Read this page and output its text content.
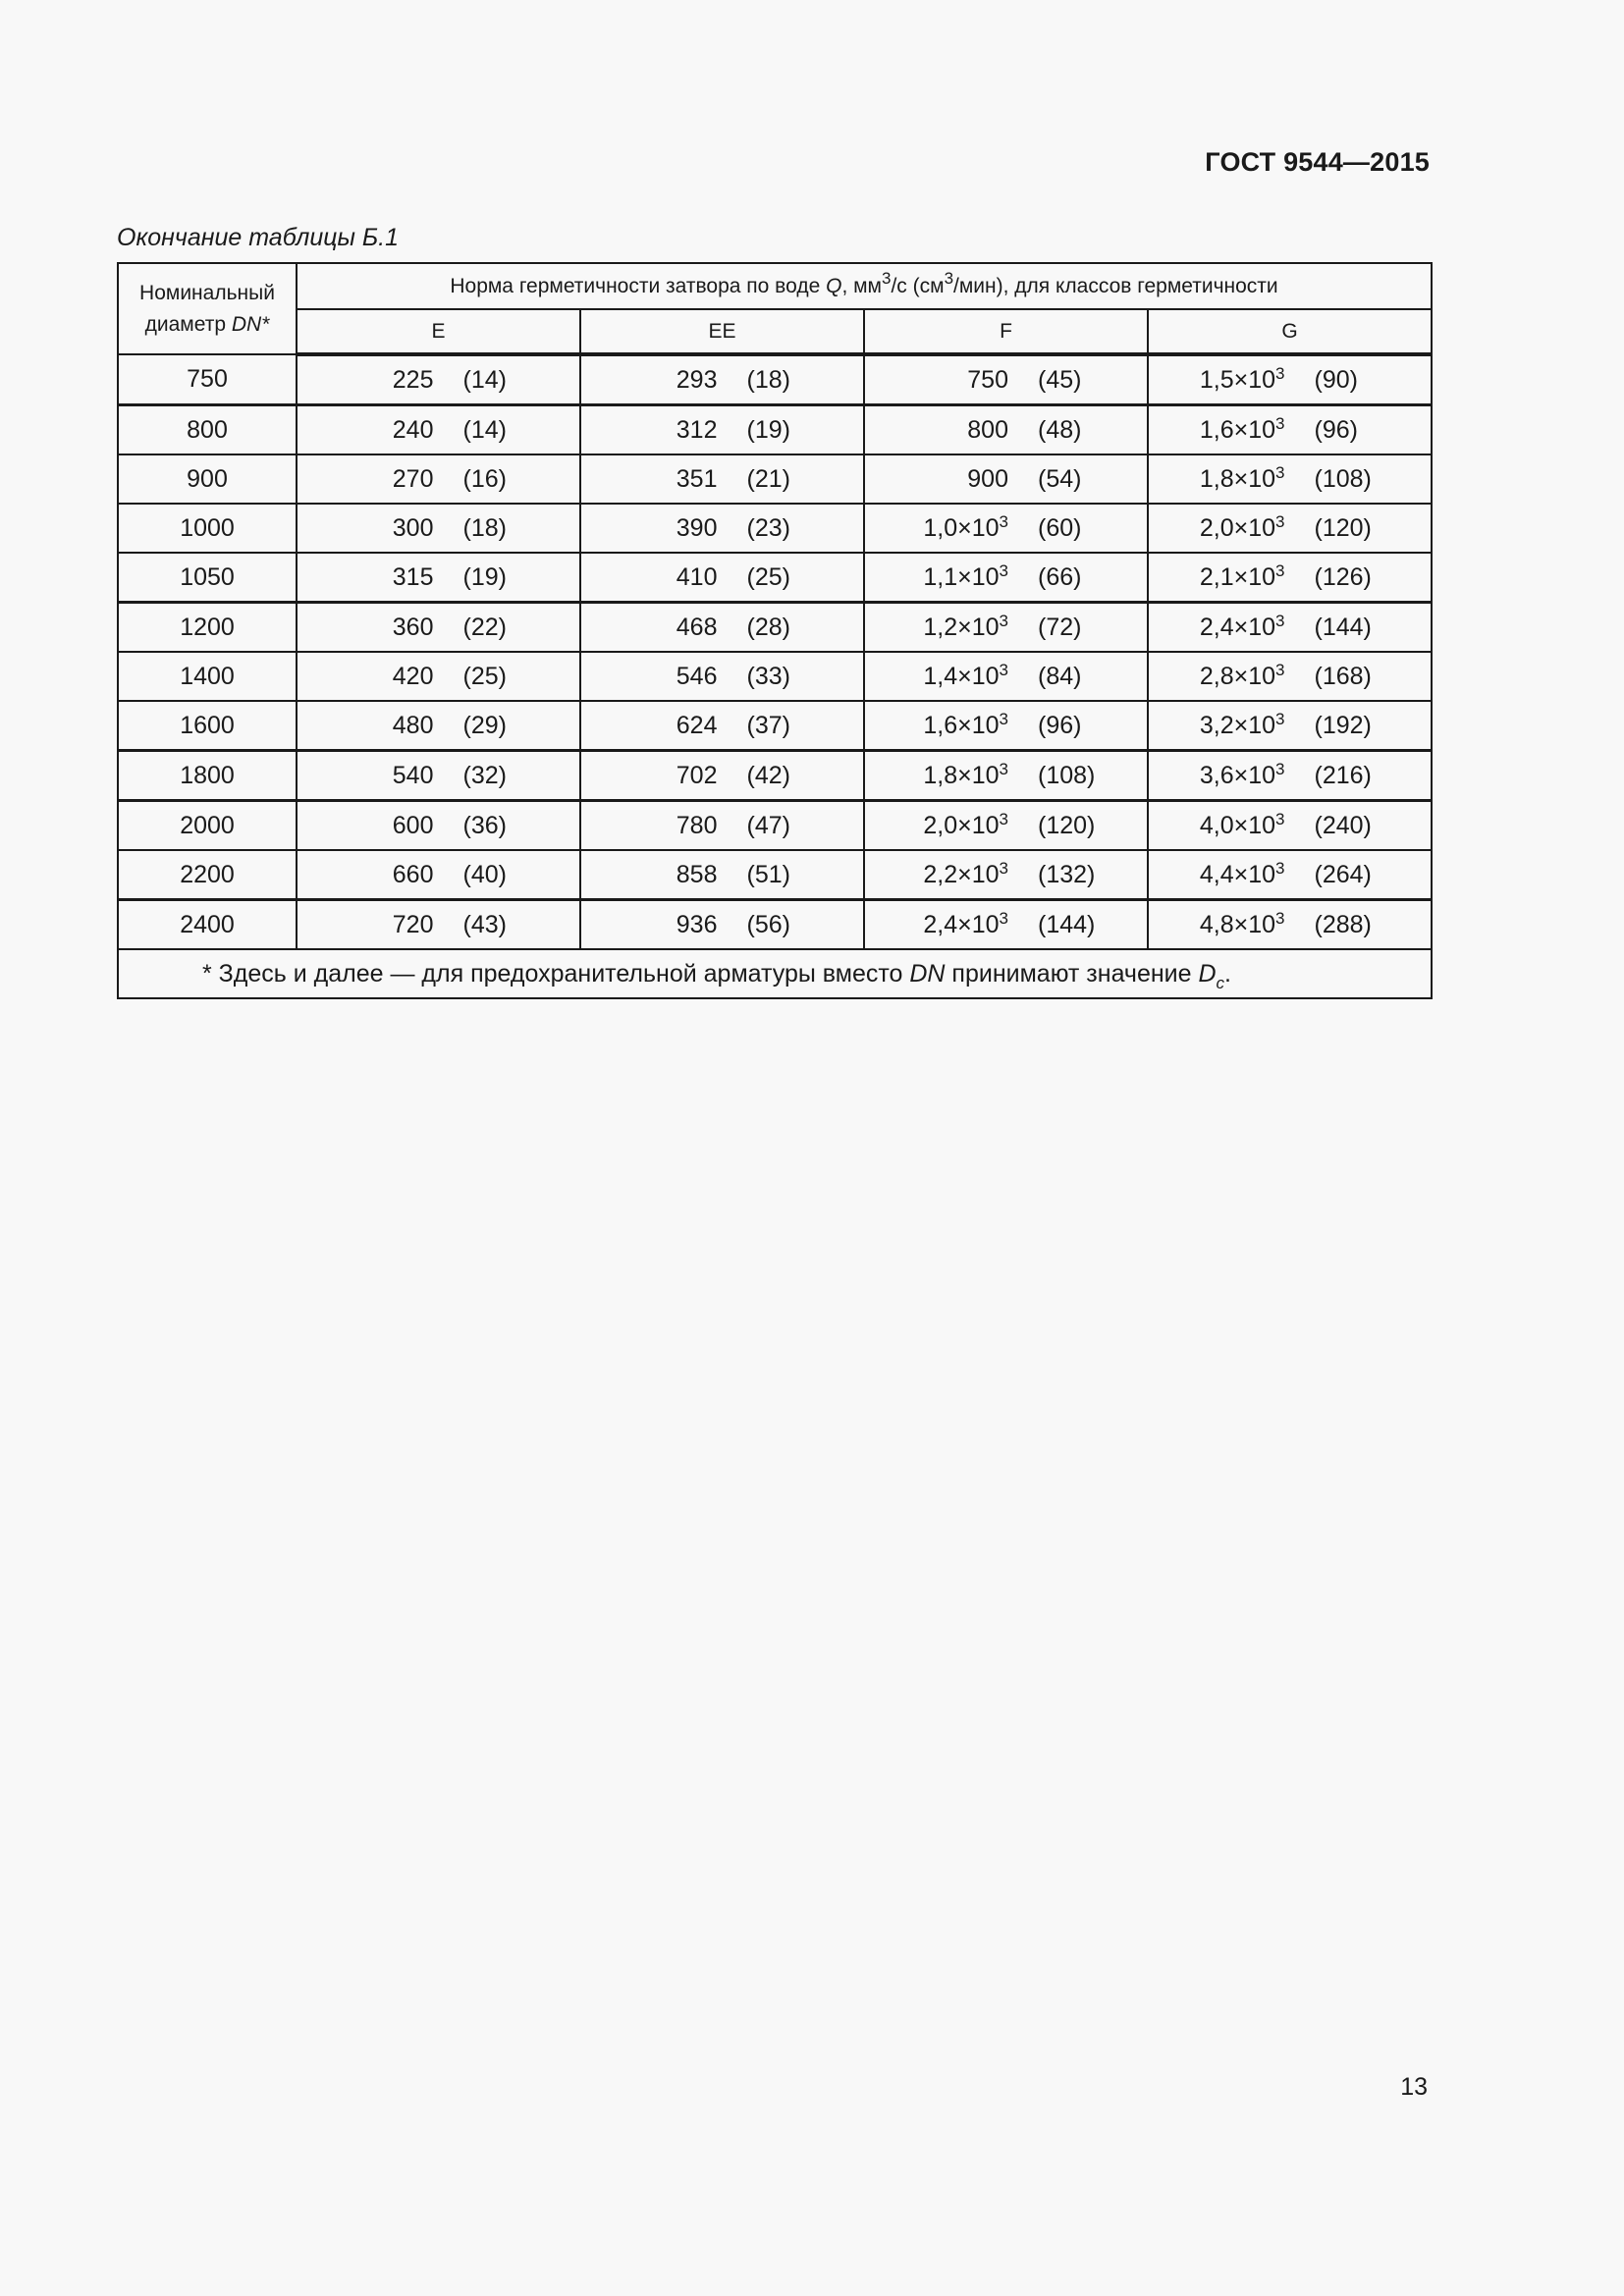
ГОСТ 9544—2015
Окончание таблицы Б.1
Номинальный
диаметр DN*	Норма герметичности затвора по воде Q, $мм^3/с$ $(см^3/мин)$, для классов герметичности			
	E	EE	F	G
750	225 (14)	293 (18)	750 (45)	$1,5\times 10^3$ (90)

800	240 (14)	312 (19)	800 (48)	$1,6\times 10^3$ (96)

900	270 (16)	351 (21)	900 (54)	$1,8\times 10^3$ (108)

1000	300 (18)	390 (23)	$1,0\times 10^3$ (60)	$2,0\times 10^3$ (120)

1050	315 (19)	410 (25)	$1,1\times 10^3$ (66)	$2,1\times 10^3$ (126)

1200	360 (22)	468 (28)	$1,2\times 10^3$ (72)	$2,4\times 10^3$ (144)

1400	420 (25)	546 (33)	$1,4\times 10^3$ (84)	$2,8\times 10^3$ (168)

1600	480 (29)	624 (37)	$1,6\times 10^3$ (96)	$3,2\times 10^3$ (192)

1800	540 (32)	702 (42)	$1,8\times 10^3$ (108)	$3,6\times 10^3$ (216)

2000	600 (36)	780 (47)	$2,0\times 10^3$ (120)	$4,0\times 10^3$ (240)

2200	660 (40)	858 (51)	$2,2\times 10^3$ (132)	$4,4\times 10^3$ (264)

2400	720 (43)	936 (56)	$2,4\times 10^3$ (144)	$4,8\times 10^3$ (288)

* Здесь и далее — для предохранительной арматуры вместо DN принимают значение $D_c$.				
13
